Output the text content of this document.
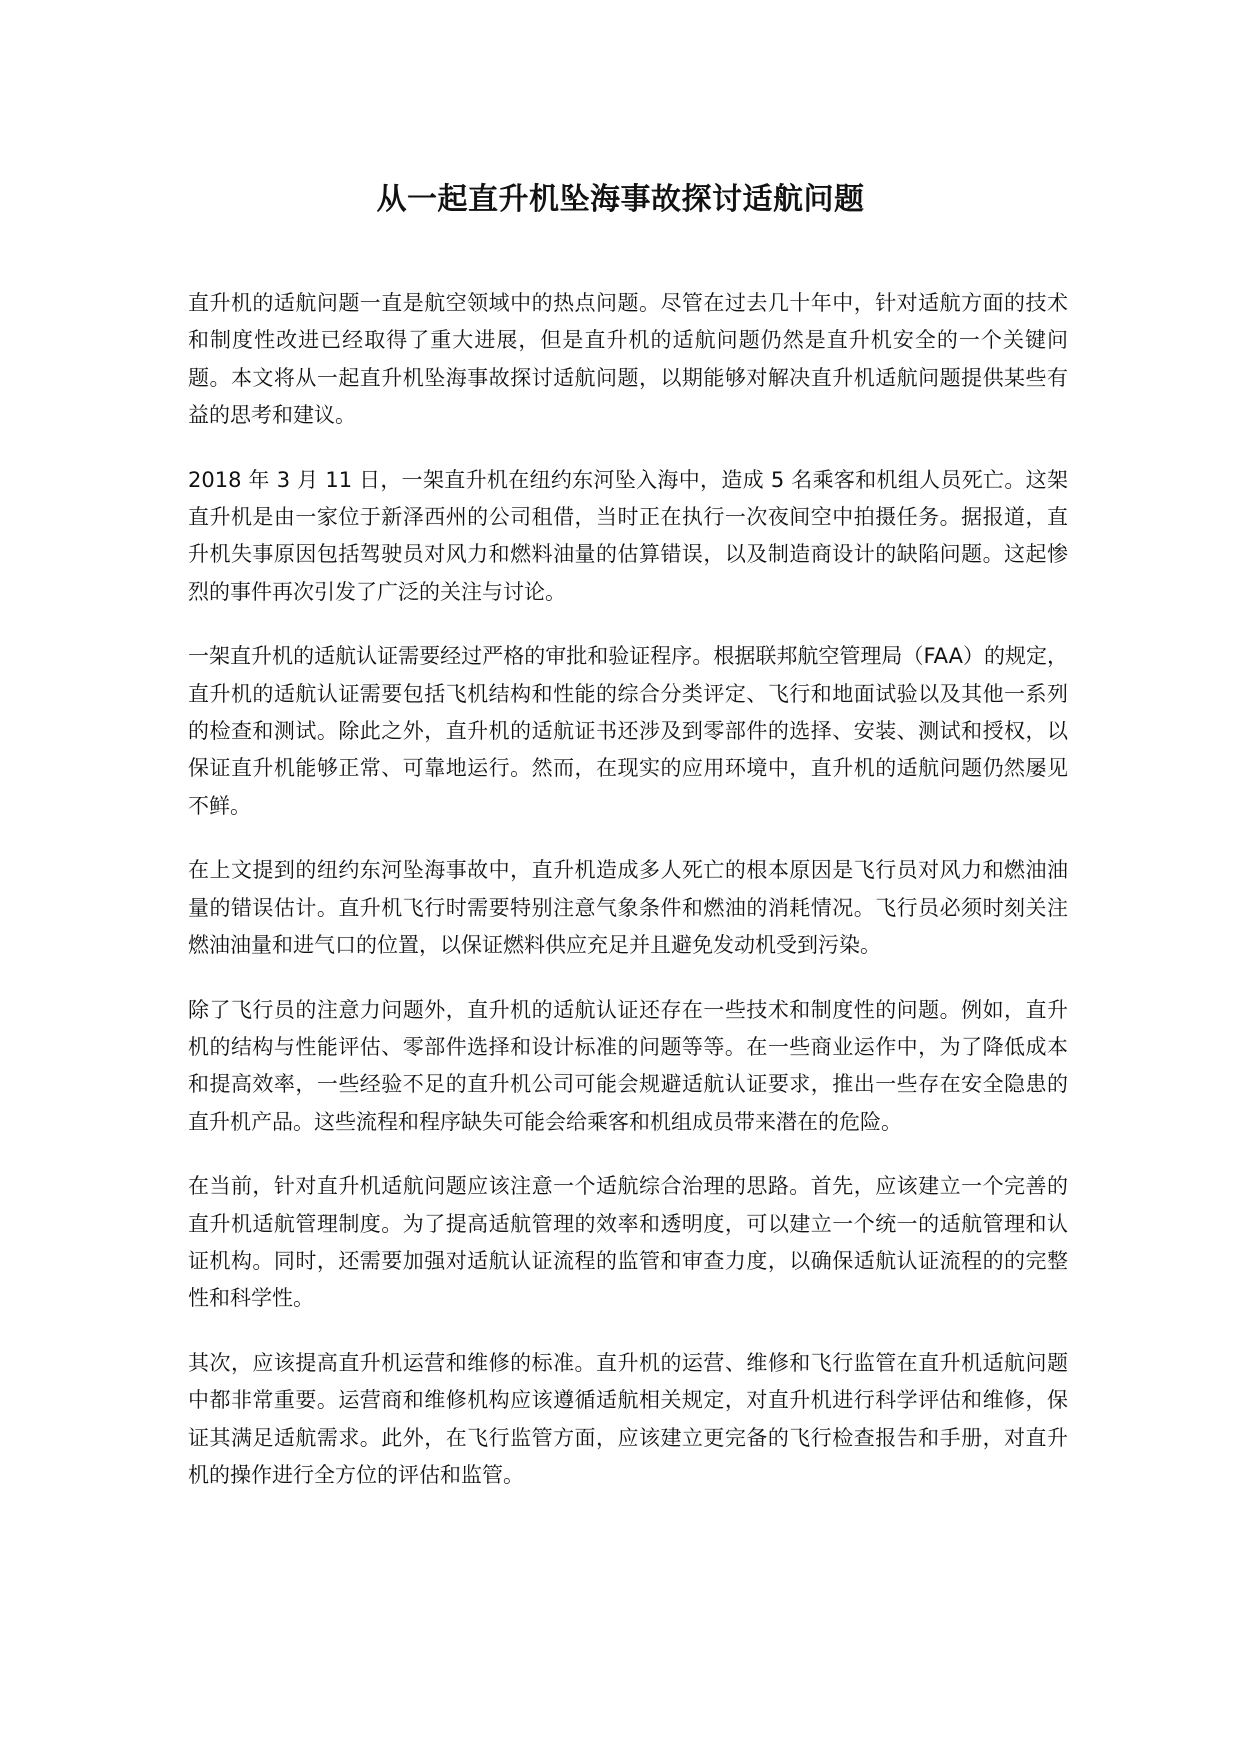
从一起直升机坠海事故探讨适航问题

直升机的适航问题一直是航空领域中的热点问题。尽管在过去几十年中，针对适航方面的技术和制度性改进已经取得了重大进展，但是直升机的适航问题仍然是直升机安全的一个关键问题。本文将从一起直升机坠海事故探讨适航问题，以期能够对解决直升机适航问题提供某些有益的思考和建议。

2018 年 3 月 11 日，一架直升机在纽约东河坠入海中，造成 5 名乘客和机组人员死亡。这架直升机是由一家位于新泽西州的公司租借，当时正在执行一次夜间空中拍摄任务。据报道，直升机失事原因包括驾驶员对风力和燃料油量的估算错误，以及制造商设计的缺陷问题。这起惨烈的事件再次引发了广泛的关注与讨论。

一架直升机的适航认证需要经过严格的审批和验证程序。根据联邦航空管理局（FAA）的规定，直升机的适航认证需要包括飞机结构和性能的综合分类评定、飞行和地面试验以及其他一系列的检查和测试。除此之外，直升机的适航证书还涉及到零部件的选择、安装、测试和授权，以保证直升机能够正常、可靠地运行。然而，在现实的应用环境中，直升机的适航问题仍然屡见不鲜。

在上文提到的纽约东河坠海事故中，直升机造成多人死亡的根本原因是飞行员对风力和燃油油量的错误估计。直升机飞行时需要特别注意气象条件和燃油的消耗情况。飞行员必须时刻关注燃油油量和进气口的位置，以保证燃料供应充足并且避免发动机受到污染。

除了飞行员的注意力问题外，直升机的适航认证还存在一些技术和制度性的问题。例如，直升机的结构与性能评估、零部件选择和设计标准的问题等等。在一些商业运作中，为了降低成本和提高效率，一些经验不足的直升机公司可能会规避适航认证要求，推出一些存在安全隐患的直升机产品。这些流程和程序缺失可能会给乘客和机组成员带来潜在的危险。

在当前，针对直升机适航问题应该注意一个适航综合治理的思路。首先，应该建立一个完善的直升机适航管理制度。为了提高适航管理的效率和透明度，可以建立一个统一的适航管理和认证机构。同时，还需要加强对适航认证流程的监管和审查力度，以确保适航认证流程的的完整性和科学性。

其次，应该提高直升机运营和维修的标准。直升机的运营、维修和飞行监管在直升机适航问题中都非常重要。运营商和维修机构应该遵循适航相关规定，对直升机进行科学评估和维修，保证其满足适航需求。此外，在飞行监管方面，应该建立更完备的飞行检查报告和手册，对直升机的操作进行全方位的评估和监管。
